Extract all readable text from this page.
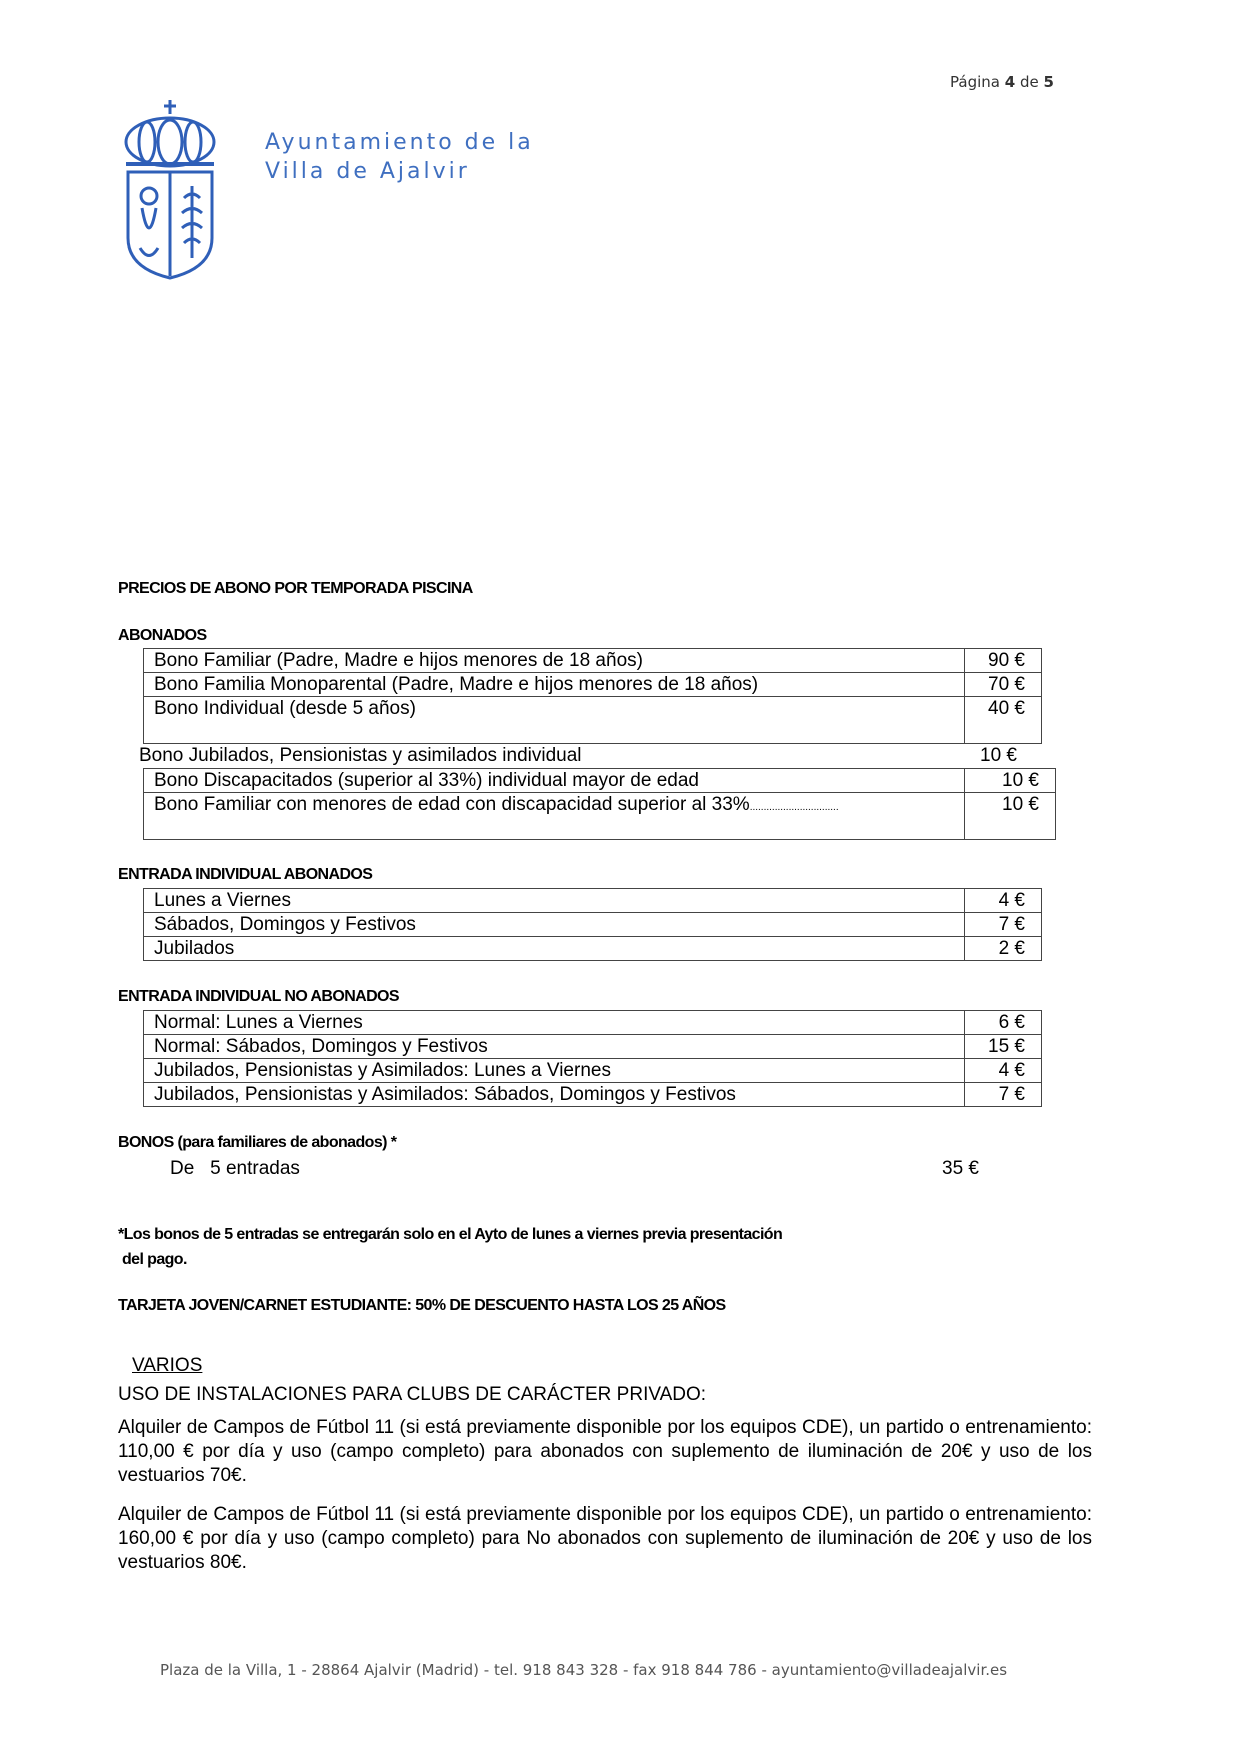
Página 4 de 5
Ayuntamiento de la
Villa de Ajalvir
PRECIOS DE ABONO POR TEMPORADA PISCINA
ABONADOS
Bono Familiar (Padre, Madre e hijos menores de 18 años)	90 €
Bono Familia Monoparental (Padre, Madre e hijos menores de 18 años)	70 €
Bono Individual (desde 5 años)	40 €
Bono Jubilados, Pensionistas y asimilados individual	10 €
Bono Discapacitados (superior al 33%) individual mayor de edad	10 €
Bono Familiar con menores de edad con discapacidad superior al 33%................................	10 €
ENTRADA INDIVIDUAL ABONADOS
Lunes a Viernes	4 €
Sábados, Domingos y Festivos	7 €
Jubilados	2 €
ENTRADA INDIVIDUAL NO ABONADOS
Normal: Lunes a Viernes	6 €
Normal: Sábados, Domingos y Festivos	15 €
Jubilados, Pensionistas y Asimilados: Lunes a Viernes	4 €
Jubilados, Pensionistas y Asimilados: Sábados, Domingos y Festivos	7 €
BONOS (para familiares de abonados) *
De   5 entradas	35 €
*Los bonos de 5 entradas se entregarán solo en el Ayto de lunes a viernes previa presentación
del pago.
TARJETA JOVEN/CARNET ESTUDIANTE: 50% DE DESCUENTO HASTA LOS 25 AÑOS
VARIOS
USO DE INSTALACIONES PARA CLUBS DE CARÁCTER PRIVADO:
Alquiler de Campos de Fútbol 11 (si está previamente disponible por los equipos CDE), un partido o entrenamiento: 110,00 € por día y uso (campo completo) para abonados con suplemento de iluminación de 20€ y uso de los vestuarios 70€.
Alquiler de Campos de Fútbol 11 (si está previamente disponible por los equipos CDE), un partido o entrenamiento: 160,00 € por día y uso (campo completo) para No abonados con suplemento de iluminación de 20€ y uso de los vestuarios 80€.
Plaza de la Villa, 1 - 28864 Ajalvir (Madrid) - tel. 918 843 328 - fax 918 844 786 - ayuntamiento@villadeajalvir.es
